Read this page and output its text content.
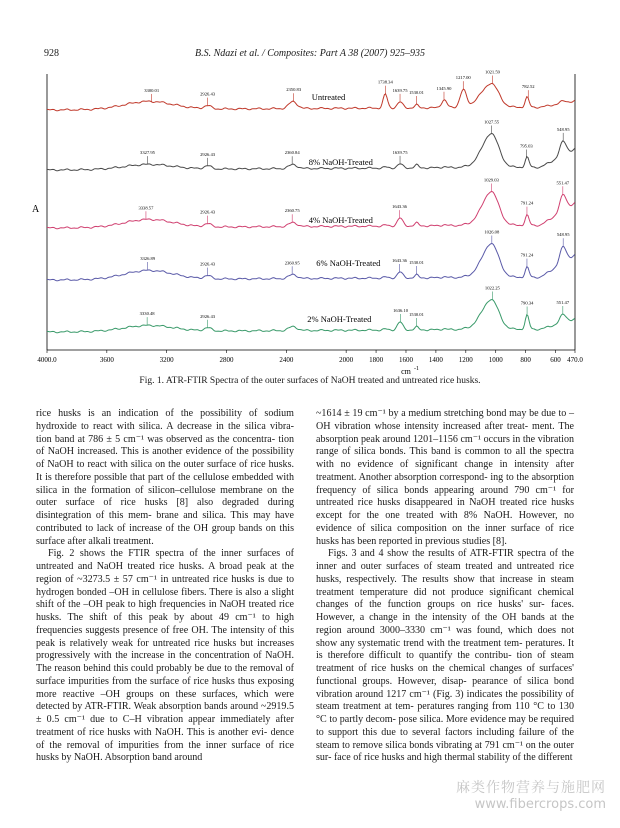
928	B.S. Ndazi et al. / Composites: Part A 38 (2007) 925–935
A
4000.0	3600	3200	2800	2400	2000 1800 1600 1400 1200 1000	800	600 470.0
cm -1
Untreated
3300.01
2926.43
2350.83
1738.34
1639.75 1530.01
1345.90
1217.00
1021.59
782.52
8% NaOH-Treated
3327.95	2926.43	2360.84	1639.75
1027.55
795.03
548.95
4% NaOH-Treated
3338.57
2926.43	2360.75
1643.36
1029.03
791.24
551.47
6% NaOH-Treated
3326.89
2926.43	2360.95	1643.36 1530.01
1026.08
791.24
548.95
2% NaOH-Treated
3330.48
2926.43
1636.10
1530.01
1022.25
790.34	551.47
Fig. 1. ATR-FTIR Spectra of the outer surfaces of NaOH treated and untreated rice husks.

rice husks is an indication of the possibility of sodium hydroxide to react with silica. A decrease in the silica vibra- tion band at 786 ± 5 cm⁻¹ was observed as the concentra- tion of NaOH increased. This is another evidence of the possibility of NaOH to react with silica on the outer surface of rice husks. It is therefore possible that part of the cellulose embedded with silica in the formation of silicon–cellulose membrane on the outer surface of rice husks [8] also degraded during disintegration of this mem- brane and silica. This may have contributed to lack of increase of the OH group bands on this surface after alkali treatment.

Fig. 2 shows the FTIR spectra of the inner surfaces of untreated and NaOH treated rice husks. A broad peak at the region of ~3273.5 ± 57 cm⁻¹ in untreated rice husks is due to hydrogen bonded –OH in cellulose fibers. There is also a slight shift of the –OH peak to high frequencies in NaOH treated rice husks. The shift of this peak by about 49 cm⁻¹ to high frequencies suggests presence of free OH. The intensity of this peak is relatively weak for untreated rice husks but increases progressively with the increase in the concentration of NaOH. The reason behind this could probably be due to the removal of surface impurities from the surface of rice husks thus exposing more reactive –OH groups on these surfaces, which were detected by ATR-FTIR. Weak absorption bands around ~2919.5 ± 0.5 cm⁻¹ due to C–H vibration appear immediately after treatment of rice husks with NaOH. This is another evi- dence of the removal of impurities from the inner surface of rice husks by NaOH. Absorption band around

~1614 ± 19 cm⁻¹ by a medium stretching bond may be due to –OH vibration whose intensity increased after treat- ment. The absorption peak around 1201–1156 cm⁻¹ occurs in the vibration range of silica bonds. This band is common to all the spectra with no evidence of significant change in intensity after treatment. Another absorption correspond- ing to the absorption frequency of silica bonds appearing around 790 cm⁻¹ for untreated rice husks disappeared in NaOH treated rice husks except for the one treated with 8% NaOH. However, no evidence of silica composition on the inner surface of rice husks has been reported in previous studies [8].

Figs. 3 and 4 show the results of ATR-FTIR spectra of the inner and outer surfaces of steam treated and untreated rice husks, respectively. The results show that increase in steam treatment temperature did not produce significant chemical changes of the function groups on rice husks' sur- faces. However, a change in the intensity of the OH bands at the region around 3000–3330 cm⁻¹ was found, which does not show any systematic trend with the treatment tem- peratures. It is therefore difficult to quantify the contribu- tion of steam treatment of rice husks on the chemical changes of surfaces' functional groups. However, disap- pearance of silica bond vibration around 1217 cm⁻¹ (Fig. 3) indicates the possibility of steam treatment at tem- peratures ranging from 110 °C to 130 °C to partly decom- pose silica. More evidence may be required to support this due to several factors including failure of the steam to remove silica bonds vibrating at 791 cm⁻¹ on the outer sur- face of rice husks and high thermal stability of the different

麻类作物营养与施肥网
www.fibercrops.com
